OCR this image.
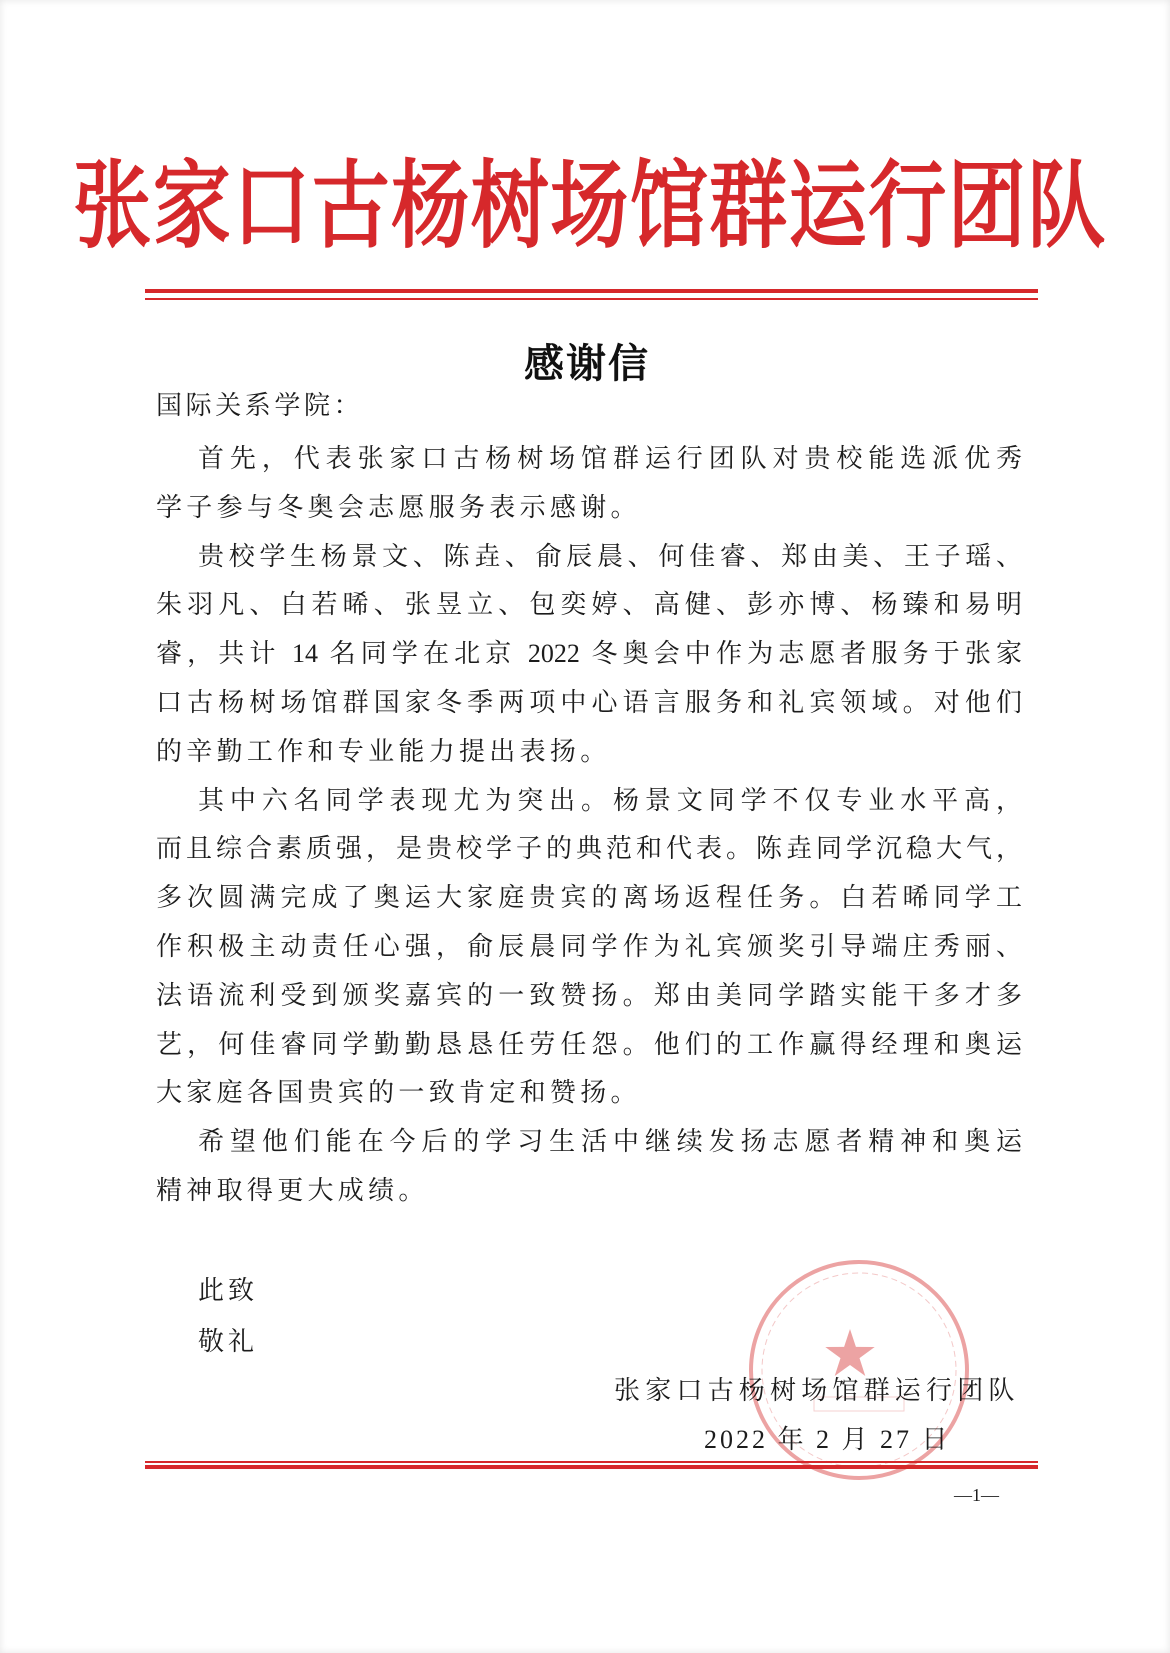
张家口古杨树场馆群运行团队
感谢信
国际关系学院：
首先，代表张家口古杨树场馆群运行团队对贵校能选派优秀
学子参与冬奥会志愿服务表示感谢。
贵校学生杨景文、陈垚、俞辰晨、何佳睿、郑由美、王子瑶、
朱羽凡、白若晞、张昱立、包奕婷、高健、彭亦博、杨臻和易明
睿，共计 14 名同学在北京 2022 冬奥会中作为志愿者服务于张家
口古杨树场馆群国家冬季两项中心语言服务和礼宾领域。对他们
的辛勤工作和专业能力提出表扬。
其中六名同学表现尤为突出。杨景文同学不仅专业水平高，
而且综合素质强，是贵校学子的典范和代表。陈垚同学沉稳大气，
多次圆满完成了奥运大家庭贵宾的离场返程任务。白若晞同学工
作积极主动责任心强，俞辰晨同学作为礼宾颁奖引导端庄秀丽、
法语流利受到颁奖嘉宾的一致赞扬。郑由美同学踏实能干多才多
艺，何佳睿同学勤勤恳恳任劳任怨。他们的工作赢得经理和奥运
大家庭各国贵宾的一致肯定和赞扬。
希望他们能在今后的学习生活中继续发扬志愿者精神和奥运
精神取得更大成绩。
此致
敬礼
张家口古杨树场馆群运行团队
2022 年 2 月 27 日
—1—
